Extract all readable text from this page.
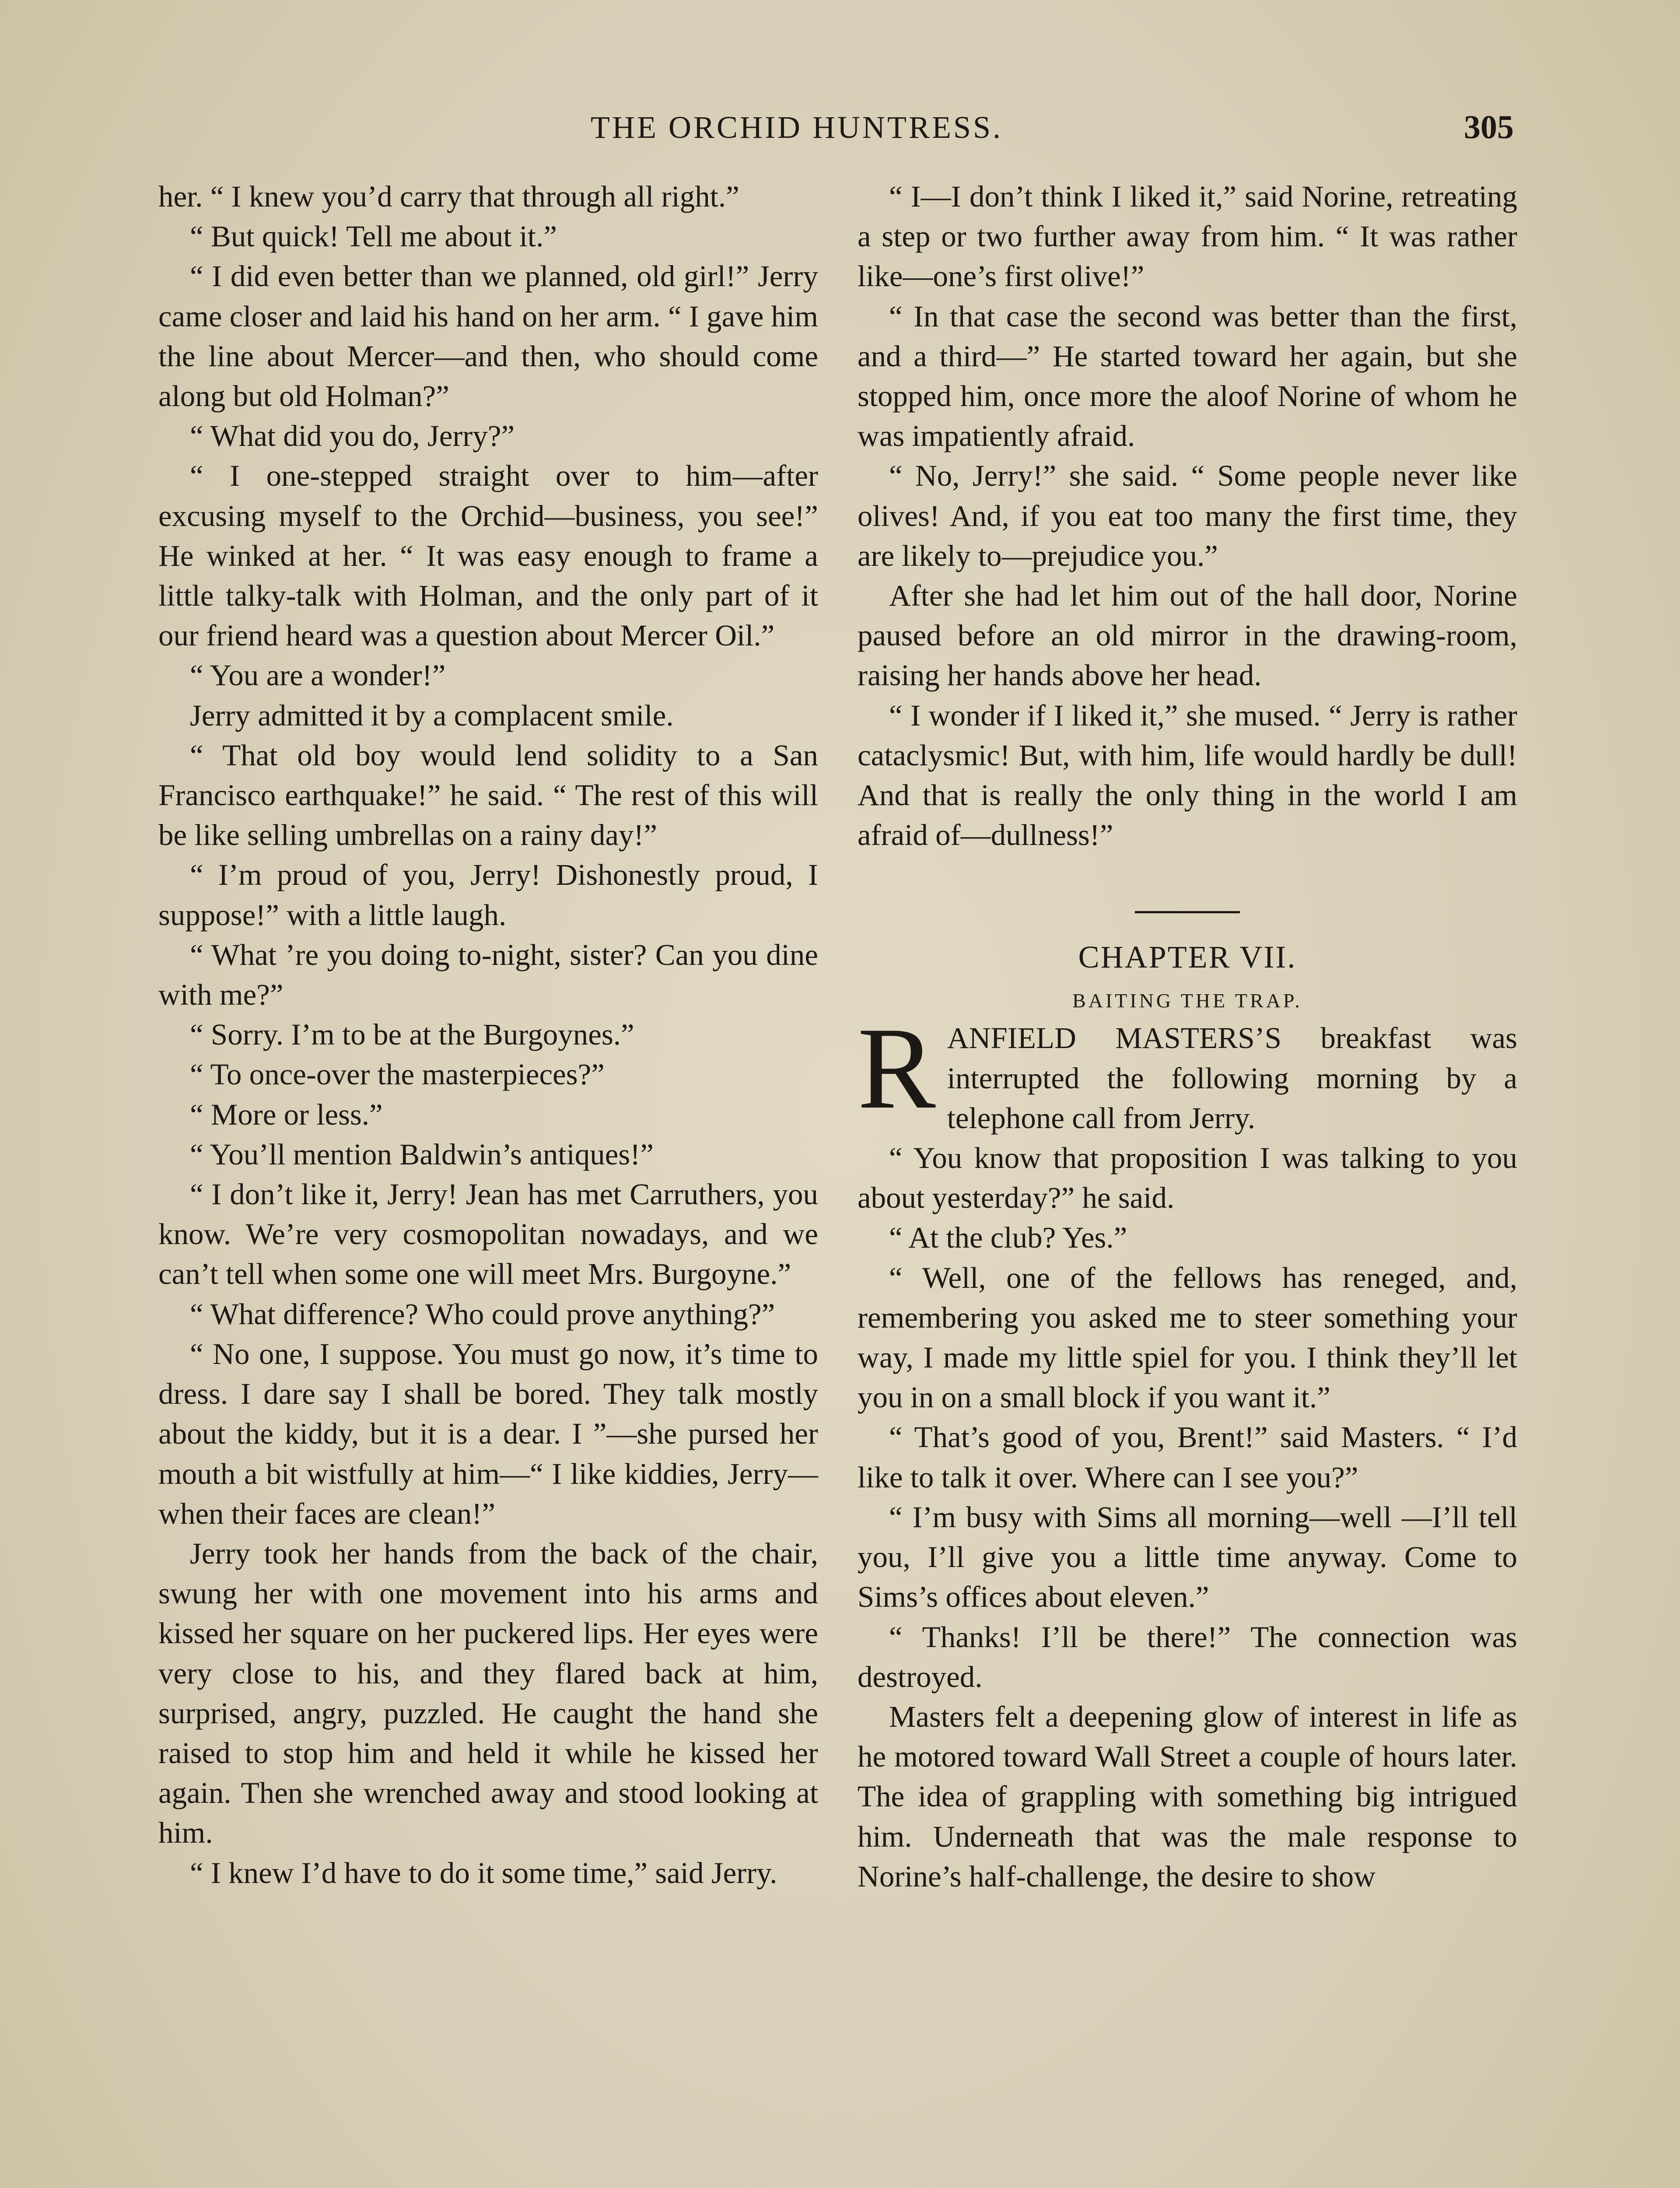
THE ORCHID HUNTRESS.	305

her. “ I knew you’d carry that through all right.”

“ But quick! Tell me about it.”

“ I did even better than we planned, old girl!” Jerry came closer and laid his hand on her arm. “ I gave him the line about Mercer—and then, who should come along but old Holman?”

“ What did you do, Jerry?”

“ I one-stepped straight over to him—after excusing myself to the Orchid—business, you see!” He winked at her. “ It was easy enough to frame a little talky-talk with Holman, and the only part of it our friend heard was a question about Mercer Oil.”

“ You are a wonder!”

Jerry admitted it by a complacent smile.

“ That old boy would lend solidity to a San Francisco earthquake!” he said. “ The rest of this will be like selling umbrellas on a rainy day!”

“ I’m proud of you, Jerry! Dishonestly proud, I suppose!” with a little laugh.

“ What ’re you doing to-night, sister? Can you dine with me?”

“ Sorry. I’m to be at the Burgoynes.”

“ To once-over the masterpieces?”

“ More or less.”

“ You’ll mention Baldwin’s antiques!”

“ I don’t like it, Jerry! Jean has met Carruthers, you know. We’re very cosmopolitan nowadays, and we can’t tell when some one will meet Mrs. Burgoyne.”

“ What difference? Who could prove anything?”

“ No one, I suppose. You must go now, it’s time to dress. I dare say I shall be bored. They talk mostly about the kiddy, but it is a dear. I ”—she pursed her mouth a bit wistfully at him—“ I like kiddies, Jerry—when their faces are clean!”

Jerry took her hands from the back of the chair, swung her with one movement into his arms and kissed her square on her puckered lips. Her eyes were very close to his, and they flared back at him, surprised, angry, puzzled. He caught the hand she raised to stop him and held it while he kissed her again. Then she wrenched away and stood looking at him.

“ I knew I’d have to do it some time,” said Jerry.

“ I—I don’t think I liked it,” said Norine, retreating a step or two further away from him. “ It was rather like—one’s first olive!”

“ In that case the second was better than the first, and a third—” He started toward her again, but she stopped him, once more the aloof Norine of whom he was impatiently afraid.

“ No, Jerry!” she said. “ Some people never like olives! And, if you eat too many the first time, they are likely to—prejudice you.”

After she had let him out of the hall door, Norine paused before an old mirror in the drawing-room, raising her hands above her head.

“ I wonder if I liked it,” she mused. “ Jerry is rather cataclysmic! But, with him, life would hardly be dull! And that is really the only thing in the world I am afraid of—dullness!”

CHAPTER VII.

BAITING THE TRAP.

RANFIELD MASTERS’S breakfast was interrupted the following morning by a telephone call from Jerry.

“ You know that proposition I was talking to you about yesterday?” he said.

“ At the club? Yes.”

“ Well, one of the fellows has reneged, and, remembering you asked me to steer something your way, I made my little spiel for you. I think they’ll let you in on a small block if you want it.”

“ That’s good of you, Brent!” said Masters. “ I’d like to talk it over. Where can I see you?”

“ I’m busy with Sims all morning—well —I’ll tell you, I’ll give you a little time anyway. Come to Sims’s offices about eleven.”

“ Thanks! I’ll be there!” The connection was destroyed.

Masters felt a deepening glow of interest in life as he motored toward Wall Street a couple of hours later. The idea of grappling with something big intrigued him. Underneath that was the male response to Norine’s half-challenge, the desire to show
